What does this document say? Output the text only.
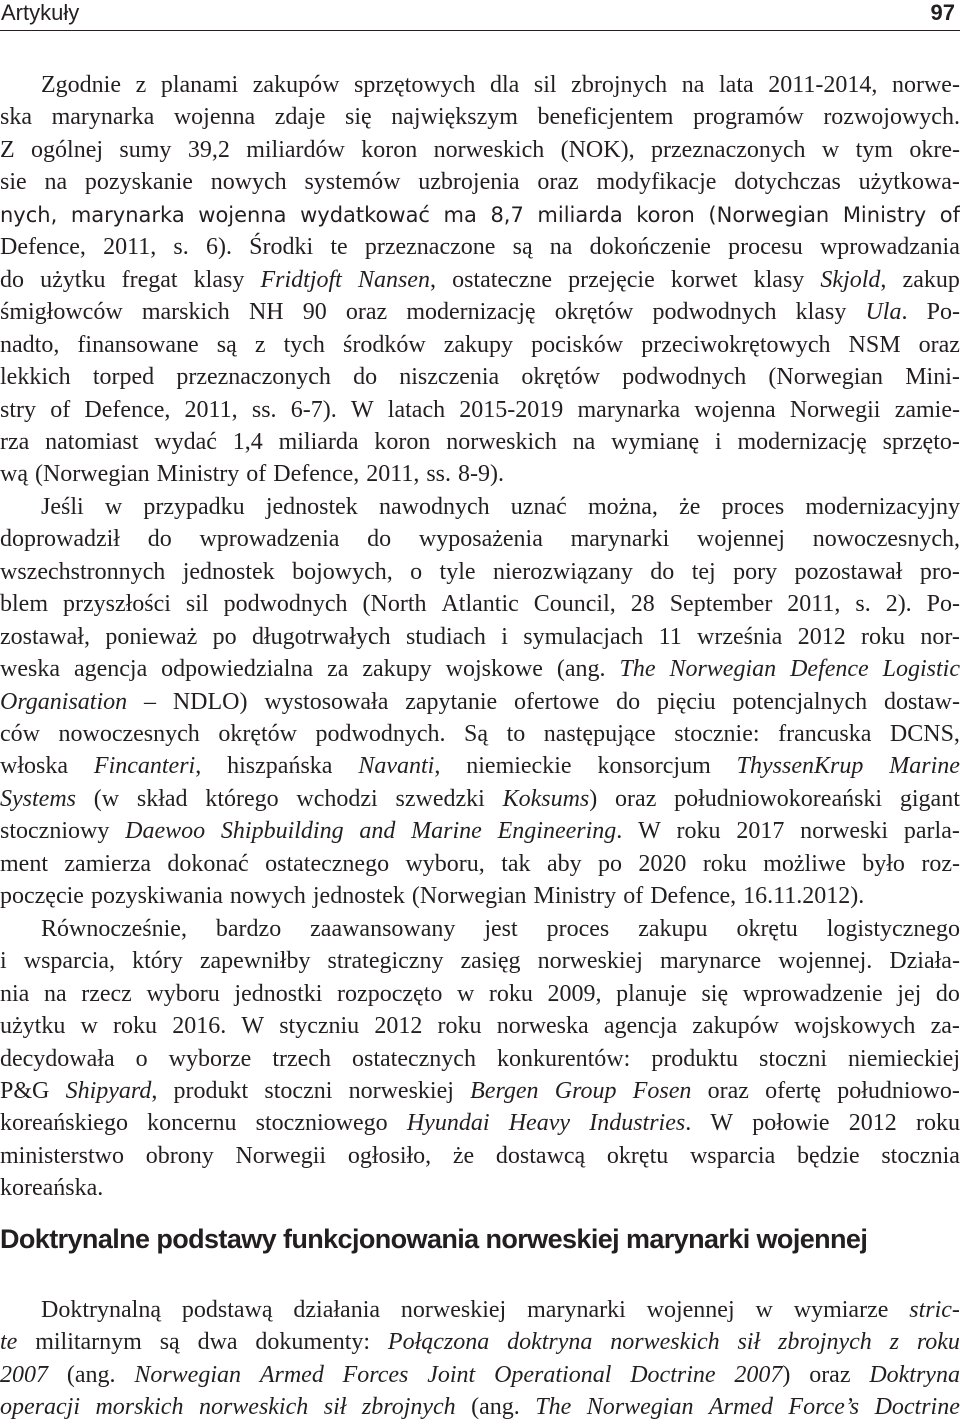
Artykuły	97
Zgodnie z planami zakupów sprzętowych dla sil zbrojnych na lata 2011-2014, norwe-
ska marynarka wojenna zdaje się największym beneficjentem programów rozwojowych.
Z ogólnej sumy 39,2 miliardów koron norweskich (NOK), przeznaczonych w tym okre-
sie na pozyskanie nowych systemów uzbrojenia oraz modyfikacje dotychczas użytkowa-
nych, marynarka wojenna wydatkować ma 8,7 miliarda koron (Norwegian Ministry of
Defence, 2011, s. 6). Środki te przeznaczone są na dokończenie procesu wprowadzania
do użytku fregat klasy Fridtjoft Nansen, ostateczne przejęcie korwet klasy Skjold, zakup
śmigłowców marskich NH 90 oraz modernizację okrętów podwodnych klasy Ula. Po-
nadto, finansowane są z tych środków zakupy pocisków przeciwokrętowych NSM oraz
lekkich torped przeznaczonych do niszczenia okrętów podwodnych (Norwegian Mini-
stry of Defence, 2011, ss. 6-7). W latach 2015-2019 marynarka wojenna Norwegii zamie-
rza natomiast wydać 1,4 miliarda koron norweskich na wymianę i modernizację sprzęto-
wą (Norwegian Ministry of Defence, 2011, ss. 8-9).
Jeśli w przypadku jednostek nawodnych uznać można, że proces modernizacyjny
doprowadził do wprowadzenia do wyposażenia marynarki wojennej nowoczesnych,
wszechstronnych jednostek bojowych, o tyle nierozwiązany do tej pory pozostawał pro-
blem przyszłości sil podwodnych (North Atlantic Council, 28 September 2011, s. 2). Po-
zostawał, ponieważ po długotrwałych studiach i symulacjach 11 września 2012 roku nor-
weska agencja odpowiedzialna za zakupy wojskowe (ang. The Norwegian Defence Logistic
Organisation – NDLO) wystosowała zapytanie ofertowe do pięciu potencjalnych dostaw-
ców nowoczesnych okrętów podwodnych. Są to następujące stocznie: francuska DCNS,
włoska Fincanteri, hiszpańska Navanti, niemieckie konsorcjum ThyssenKrup Marine
Systems (w skład którego wchodzi szwedzki Koksums) oraz południowokoreański gigant
stoczniowy Daewoo Shipbuilding and Marine Engineering. W roku 2017 norweski parla-
ment zamierza dokonać ostatecznego wyboru, tak aby po 2020 roku możliwe było roz-
poczęcie pozyskiwania nowych jednostek (Norwegian Ministry of Defence, 16.11.2012).
Równocześnie, bardzo zaawansowany jest proces zakupu okrętu logistycznego
i wsparcia, który zapewniłby strategiczny zasięg norweskiej marynarce wojennej. Działa-
nia na rzecz wyboru jednostki rozpoczęto w roku 2009, planuje się wprowadzenie jej do
użytku w roku 2016. W styczniu 2012 roku norweska agencja zakupów wojskowych za-
decydowała o wyborze trzech ostatecznych konkurentów: produktu stoczni niemieckiej
P&G Shipyard, produkt stoczni norweskiej Bergen Group Fosen oraz ofertę południowo-
koreańskiego koncernu stoczniowego Hyundai Heavy Industries. W połowie 2012 roku
ministerstwo obrony Norwegii ogłosiło, że dostawcą okrętu wsparcia będzie stocznia
koreańska.
Doktrynalną podstawą działania norweskiej marynarki wojennej w wymiarze stric-
te militarnym są dwa dokumenty: Połączona doktryna norweskich sił zbrojnych z roku
2007 (ang. Norwegian Armed Forces Joint Operational Doctrine 2007) oraz Doktryna
operacji morskich norweskich sił zbrojnych (ang. The Norwegian Armed Force’s Doctrine
Doktrynalne podstawy funkcjonowania norweskiej marynarki wojennej
